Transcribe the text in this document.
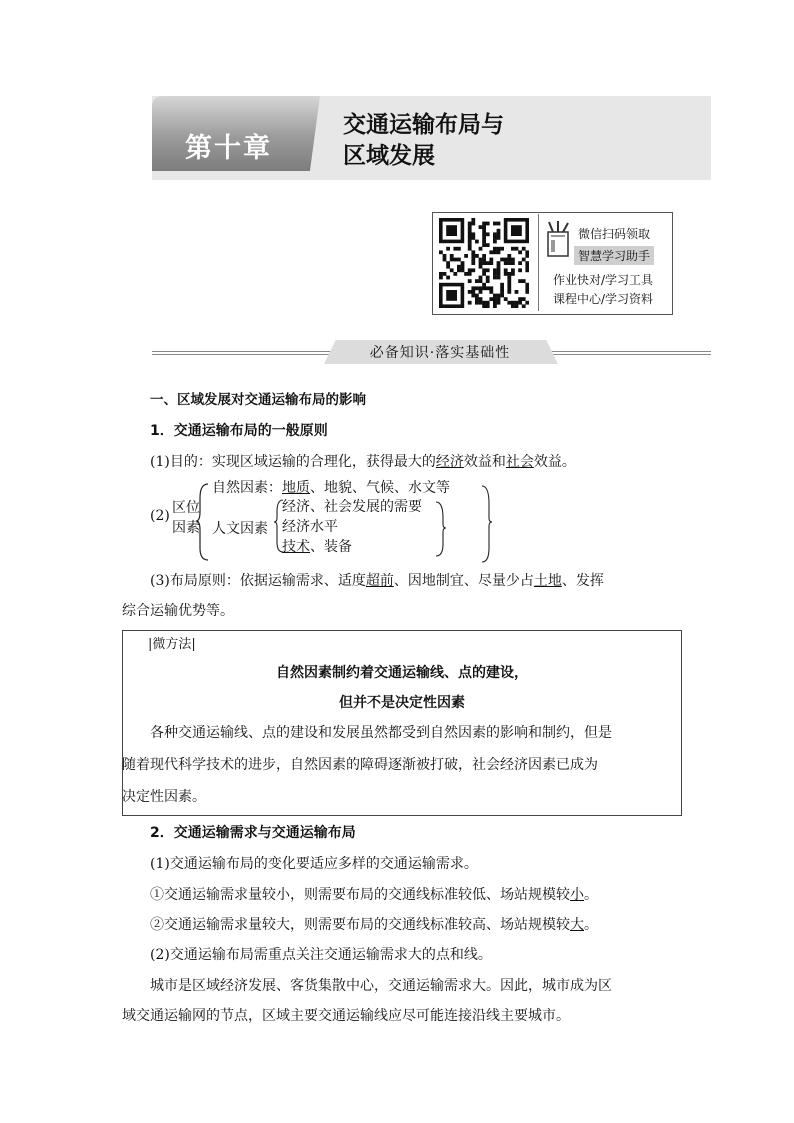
第十章
交通运输布局与
区域发展
微信扫码领取
智慧学习助手
作业快对/学习工具
课程中心/学习资料
必备知识·落实基础性
一、区域发展对交通运输布局的影响
1．交通运输布局的一般原则
(1)目的：实现区域运输的合理化，获得最大的经济效益和社会效益。
(2) 区位
因素
自然因素：地质、地貌、气候、水文等
人文因素
经济、社会发展的需要
经济水平
技术、装备
(3)布局原则：依据运输需求、适度超前、因地制宜、尽量少占土地、发挥
综合运输优势等。
|微方法|
自然因素制约着交通运输线、点的建设，
但并不是决定性因素
各种交通运输线、点的建设和发展虽然都受到自然因素的影响和制约，但是
随着现代科学技术的进步，自然因素的障碍逐渐被打破，社会经济因素已成为
决定性因素。
2．交通运输需求与交通运输布局
(1)交通运输布局的变化要适应多样的交通运输需求。
①交通运输需求量较小，则需要布局的交通线标准较低、场站规模较小。
②交通运输需求量较大，则需要布局的交通线标准较高、场站规模较大。
(2)交通运输布局需重点关注交通运输需求大的点和线。
城市是区域经济发展、客货集散中心，交通运输需求大。因此，城市成为区
域交通运输网的节点，区域主要交通运输线应尽可能连接沿线主要城市。
